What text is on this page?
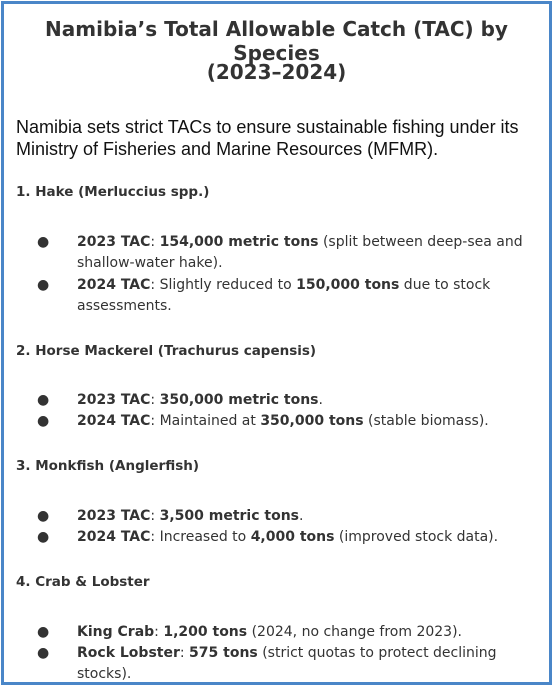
Namibia’s Total Allowable Catch (TAC) by Species
(2023–2024)
Namibia sets strict TACs to ensure sustainable fishing under its Ministry of Fisheries and Marine Resources (MFMR).
1. Hake (Merluccius spp.)
● 2023 TAC: 154,000 metric tons (split between deep-sea and shallow-water hake).
● 2024 TAC: Slightly reduced to 150,000 tons due to stock assessments.
2. Horse Mackerel (Trachurus capensis)
● 2023 TAC: 350,000 metric tons.
● 2024 TAC: Maintained at 350,000 tons (stable biomass).
3. Monkfish (Anglerfish)
● 2023 TAC: 3,500 metric tons.
● 2024 TAC: Increased to 4,000 tons (improved stock data).
4. Crab & Lobster
● King Crab: 1,200 tons (2024, no change from 2023).
● Rock Lobster: 575 tons (strict quotas to protect declining stocks).
